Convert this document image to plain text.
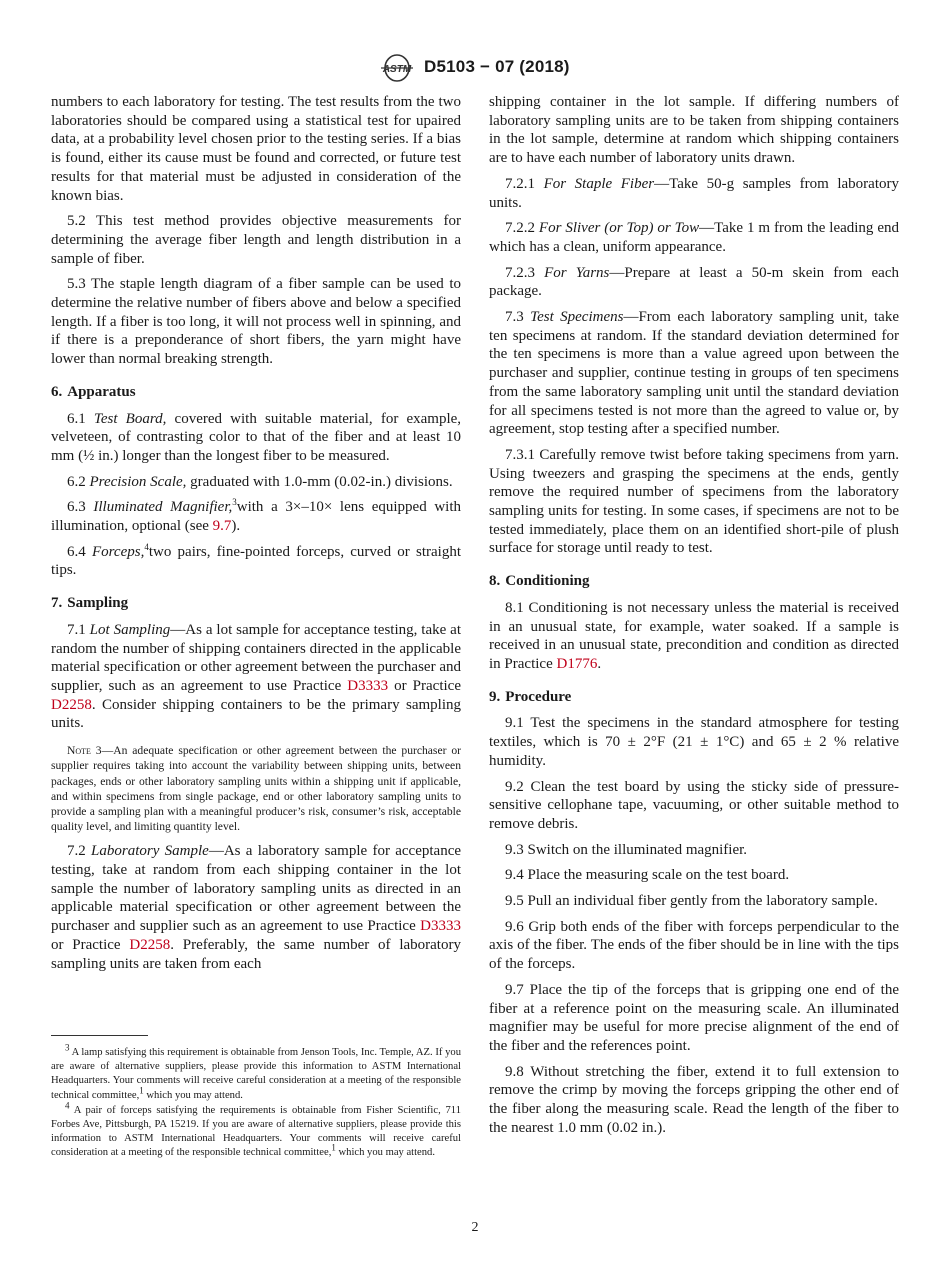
ASTM D5103 − 07 (2018)

numbers to each laboratory for testing. The test results from the two laboratories should be compared using a statistical test for upaired data, at a probability level chosen prior to the testing series. If a bias is found, either its cause must be found and corrected, or future test results for that material must be adjusted in consideration of the known bias.

5.2 This test method provides objective measurements for determining the average fiber length and length distribution in a sample of fiber.

5.3 The staple length diagram of a fiber sample can be used to determine the relative number of fibers above and below a specified length. If a fiber is too long, it will not process well in spinning, and if there is a preponderance of short fibers, the yarn might have lower than normal breaking strength.

6. Apparatus

6.1 Test Board, covered with suitable material, for example, velveteen, of contrasting color to that of the fiber and at least 10 mm (½ in.) longer than the longest fiber to be measured.

6.2 Precision Scale, graduated with 1.0-mm (0.02-in.) divisions.

6.3 Illuminated Magnifier,$^3$with a 3×–10× lens equipped with illumination, optional (see 9.7).

6.4 Forceps,$^4$two pairs, fine-pointed forceps, curved or straight tips.

7. Sampling

7.1 Lot Sampling—As a lot sample for acceptance testing, take at random the number of shipping containers directed in the applicable material specification or other agreement between the purchaser and supplier, such as an agreement to use Practice D3333 or Practice D2258. Consider shipping containers to be the primary sampling units.

Note 3—An adequate specification or other agreement between the purchaser or supplier requires taking into account the variability between shipping units, between packages, ends or other laboratory sampling units within a shipping unit if applicable, and within specimens from single package, end or other laboratory sampling units to provide a sampling plan with a meaningful producer’s risk, consumer’s risk, acceptable quality level, and limiting quantity level.

7.2 Laboratory Sample—As a laboratory sample for acceptance testing, take at random from each shipping container in the lot sample the number of laboratory sampling units as directed in an applicable material specification or other agreement between the purchaser and supplier such as an agreement to use Practice D3333 or Practice D2258. Preferably, the same number of laboratory sampling units are taken from each

$^3$ A lamp satisfying this requirement is obtainable from Jenson Tools, Inc. Temple, AZ. If you are aware of alternative suppliers, please provide this information to ASTM International Headquarters. Your comments will receive careful consideration at a meeting of the responsible technical committee,$^1$ which you may attend.

$^4$ A pair of forceps satisfying the requirements is obtainable from Fisher Scientific, 711 Forbes Ave, Pittsburgh, PA 15219. If you are aware of alternative suppliers, please provide this information to ASTM International Headquarters. Your comments will receive careful consideration at a meeting of the responsible technical committee,$^1$ which you may attend.

shipping container in the lot sample. If differing numbers of laboratory sampling units are to be taken from shipping containers in the lot sample, determine at random which shipping containers are to have each number of laboratory units drawn.

7.2.1 For Staple Fiber—Take 50-g samples from laboratory units.

7.2.2 For Sliver (or Top) or Tow—Take 1 m from the leading end which has a clean, uniform appearance.

7.2.3 For Yarns—Prepare at least a 50-m skein from each package.

7.3 Test Specimens—From each laboratory sampling unit, take ten specimens at random. If the standard deviation determined for the ten specimens is more than a value agreed upon between the purchaser and supplier, continue testing in groups of ten specimens from the same laboratory sampling unit until the standard deviation for all specimens tested is not more than the agreed to value or, by agreement, stop testing after a specified number.

7.3.1 Carefully remove twist before taking specimens from yarn. Using tweezers and grasping the specimens at the ends, gently remove the required number of specimens from the laboratory sampling units for testing. In some cases, if specimens are not to be tested immediately, place them on an identified short-pile of plush surface for storage until ready to test.

8. Conditioning

8.1 Conditioning is not necessary unless the material is received in an unusual state, for example, water soaked. If a sample is received in an unusual state, precondition and condition as directed in Practice D1776.

9. Procedure

9.1 Test the specimens in the standard atmosphere for testing textiles, which is 70 ± 2°F (21 ± 1°C) and 65 ± 2 % relative humidity.

9.2 Clean the test board by using the sticky side of pressure-sensitive cellophane tape, vacuuming, or other suitable method to remove debris.

9.3 Switch on the illuminated magnifier.

9.4 Place the measuring scale on the test board.

9.5 Pull an individual fiber gently from the laboratory sample.

9.6 Grip both ends of the fiber with forceps perpendicular to the axis of the fiber. The ends of the fiber should be in line with the tips of the forceps.

9.7 Place the tip of the forceps that is gripping one end of the fiber at a reference point on the measuring scale. An illuminated magnifier may be useful for more precise alignment of the end of the fiber and the references point.

9.8 Without stretching the fiber, extend it to full extension to remove the crimp by moving the forceps gripping the other end of the fiber along the measuring scale. Read the length of the fiber to the nearest 1.0 mm (0.02 in.).

2
